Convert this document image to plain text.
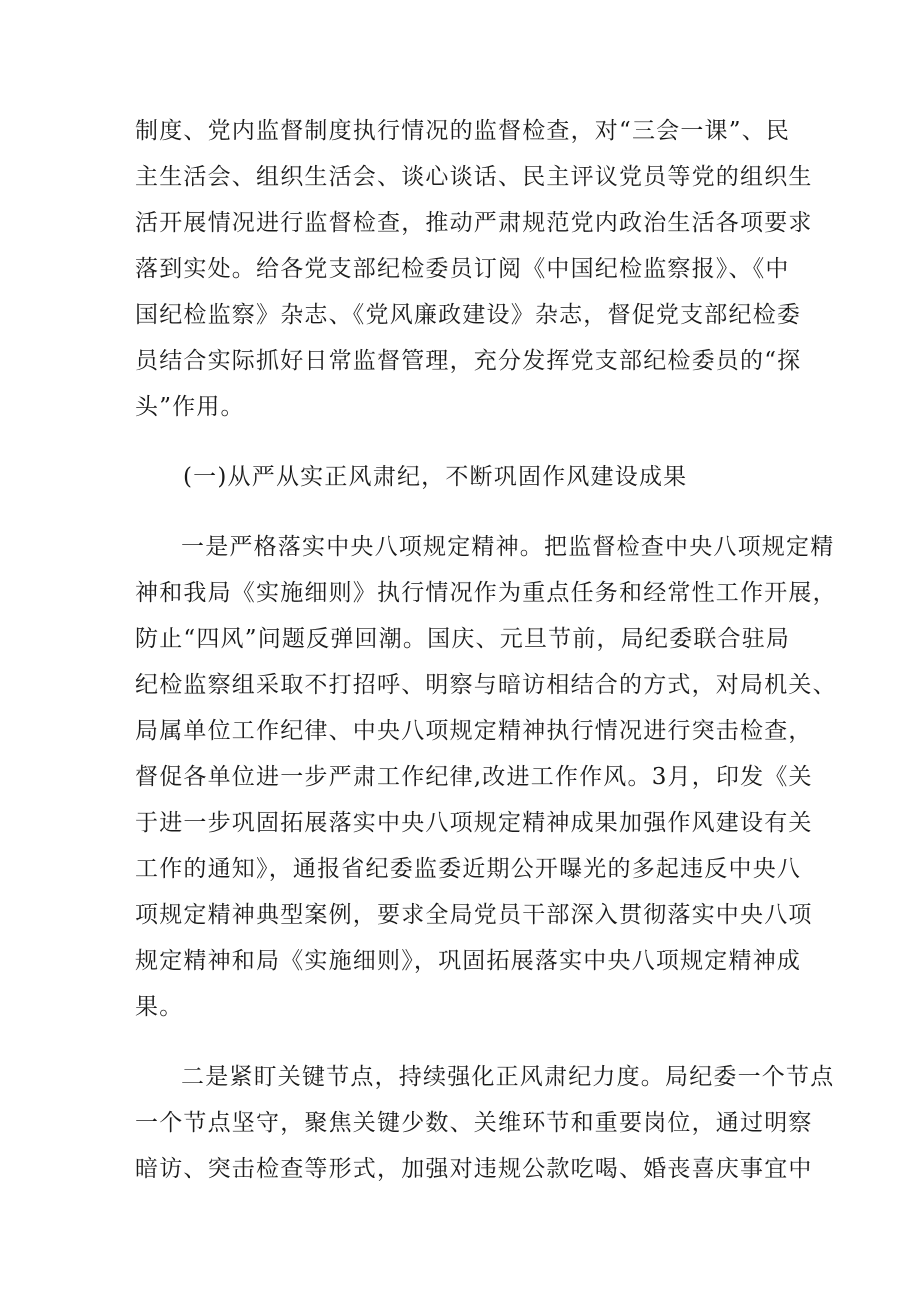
制度、党内监督制度执行情况的监督检查，对“三会一课”、民
主生活会、组织生活会、谈心谈话、民主评议党员等党的组织生
活开展情况进行监督检查，推动严肃规范党内政治生活各项要求
落到实处。给各党支部纪检委员订阅《中国纪检监察报》、《中
国纪检监察》杂志、《党风廉政建设》杂志，督促党支部纪检委
员结合实际抓好日常监督管理，充分发挥党支部纪检委员的“探
头”作用。
(一)从严从实正风肃纪，不断巩固作风建设成果
一是严格落实中央八项规定精神。把监督检查中央八项规定精
神和我局《实施细则》执行情况作为重点任务和经常性工作开展，
防止“四风”问题反弹回潮。国庆、元旦节前，局纪委联合驻局
纪检监察组采取不打招呼、明察与暗访相结合的方式，对局机关、
局属单位工作纪律、中央八项规定精神执行情况进行突击检查，
督促各单位进一步严肃工作纪律,改进工作作风。3月，印发《关
于进一步巩固拓展落实中央八项规定精神成果加强作风建设有关
工作的通知》，通报省纪委监委近期公开曝光的多起违反中央八
项规定精神典型案例，要求全局党员干部深入贯彻落实中央八项
规定精神和局《实施细则》，巩固拓展落实中央八项规定精神成
果。
二是紧盯关键节点，持续强化正风肃纪力度。局纪委一个节点
一个节点坚守，聚焦关键少数、关维环节和重要岗位，通过明察
暗访、突击检查等形式，加强对违规公款吃喝、婚丧喜庆事宜中
